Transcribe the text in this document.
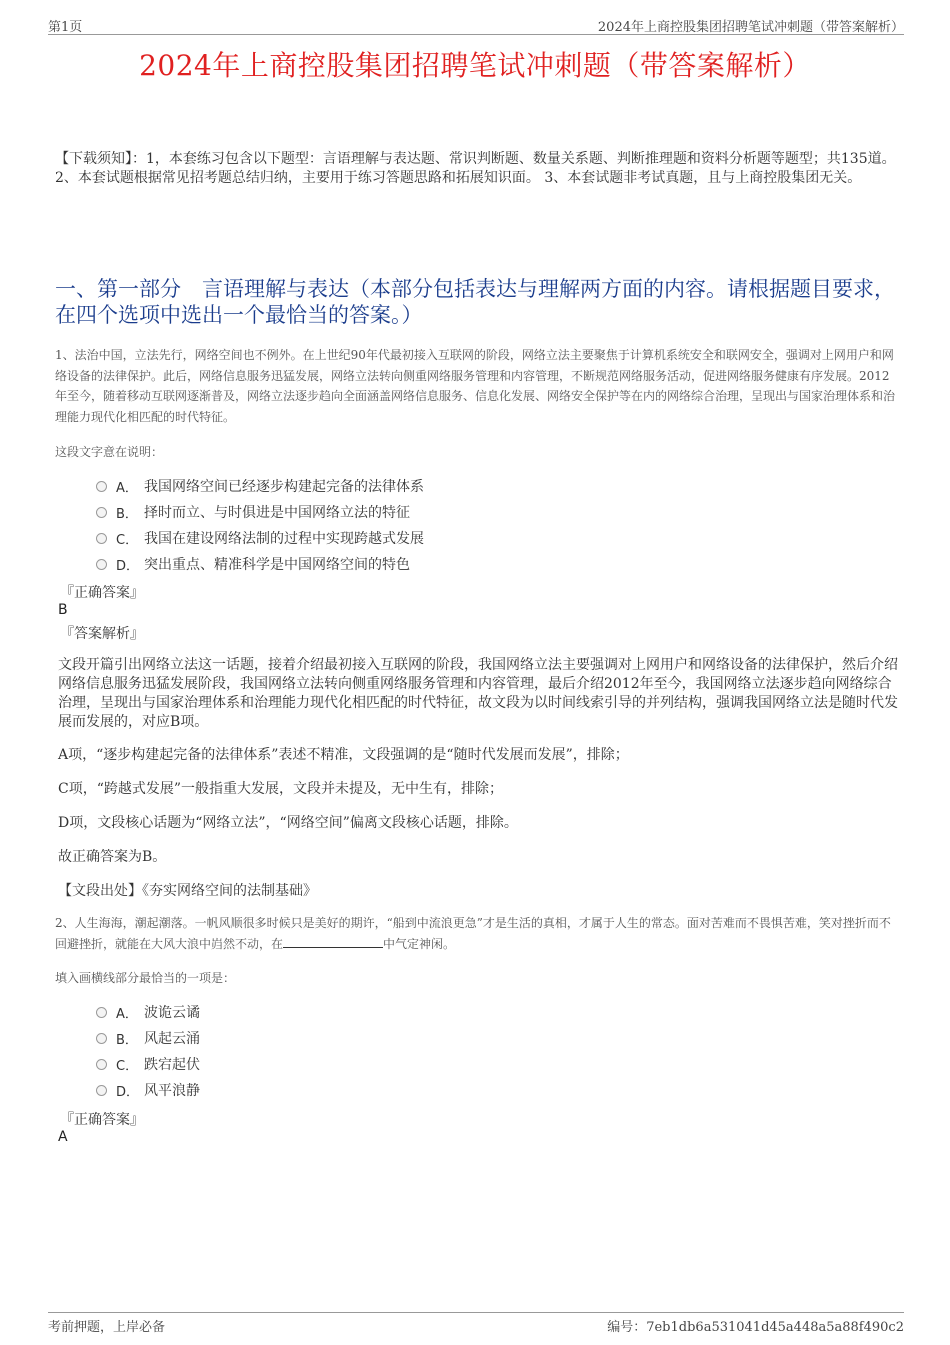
第1页	2024年上商控股集团招聘笔试冲刺题（带答案解析）
2024年上商控股集团招聘笔试冲刺题（带答案解析）
【下载须知】：1，本套练习包含以下题型：言语理解与表达题、常识判断题、数量关系题、判断推理题和资料分析题等题型；共135道。 2、本套试题根据常见招考题总结归纳，主要用于练习答题思路和拓展知识面。 3、本套试题非考试真题，且与上商控股集团无关。
一、第一部分　言语理解与表达（本部分包括表达与理解两方面的内容。请根据题目要求，在四个选项中选出一个最恰当的答案。）
1、法治中国，立法先行，网络空间也不例外。在上世纪90年代最初接入互联网的阶段，网络立法主要聚焦于计算机系统安全和联网安全，强调对上网用户和网络设备的法律保护。此后，网络信息服务迅猛发展，网络立法转向侧重网络服务管理和内容管理，不断规范网络服务活动，促进网络服务健康有序发展。2012年至今，随着移动互联网逐渐普及，网络立法逐步趋向全面涵盖网络信息服务、信息化发展、网络安全保护等在内的网络综合治理，呈现出与国家治理体系和治理能力现代化相匹配的时代特征。
这段文字意在说明：
A． 我国网络空间已经逐步构建起完备的法律体系
B． 择时而立、与时俱进是中国网络立法的特征
C． 我国在建设网络法制的过程中实现跨越式发展
D． 突出重点、精准科学是中国网络空间的特色
『正确答案』
B
『答案解析』
文段开篇引出网络立法这一话题，接着介绍最初接入互联网的阶段，我国网络立法主要强调对上网用户和网络设备的法律保护，然后介绍网络信息服务迅猛发展阶段，我国网络立法转向侧重网络服务管理和内容管理，最后介绍2012年至今，我国网络立法逐步趋向网络综合治理，呈现出与国家治理体系和治理能力现代化相匹配的时代特征，故文段为以时间线索引导的并列结构，强调我国网络立法是随时代发展而发展的，对应B项。
A项，“逐步构建起完备的法律体系”表述不精准，文段强调的是“随时代发展而发展”，排除；
C项，“跨越式发展”一般指重大发展，文段并未提及，无中生有，排除；
D项，文段核心话题为“网络立法”，“网络空间”偏离文段核心话题，排除。
故正确答案为B。
【文段出处】《夯实网络空间的法制基础》
2、人生海海，潮起潮落。一帆风顺很多时候只是美好的期许，“船到中流浪更急”才是生活的真相，才属于人生的常态。面对苦难而不畏惧苦难，笑对挫折而不回避挫折，就能在大风大浪中岿然不动，在	中气定神闲。
填入画横线部分最恰当的一项是：
A． 波诡云谲
B． 风起云涌
C． 跌宕起伏
D． 风平浪静
『正确答案』
A
考前押题，上岸必备	编号：7eb1db6a531041d45a448a5a88f490c2
